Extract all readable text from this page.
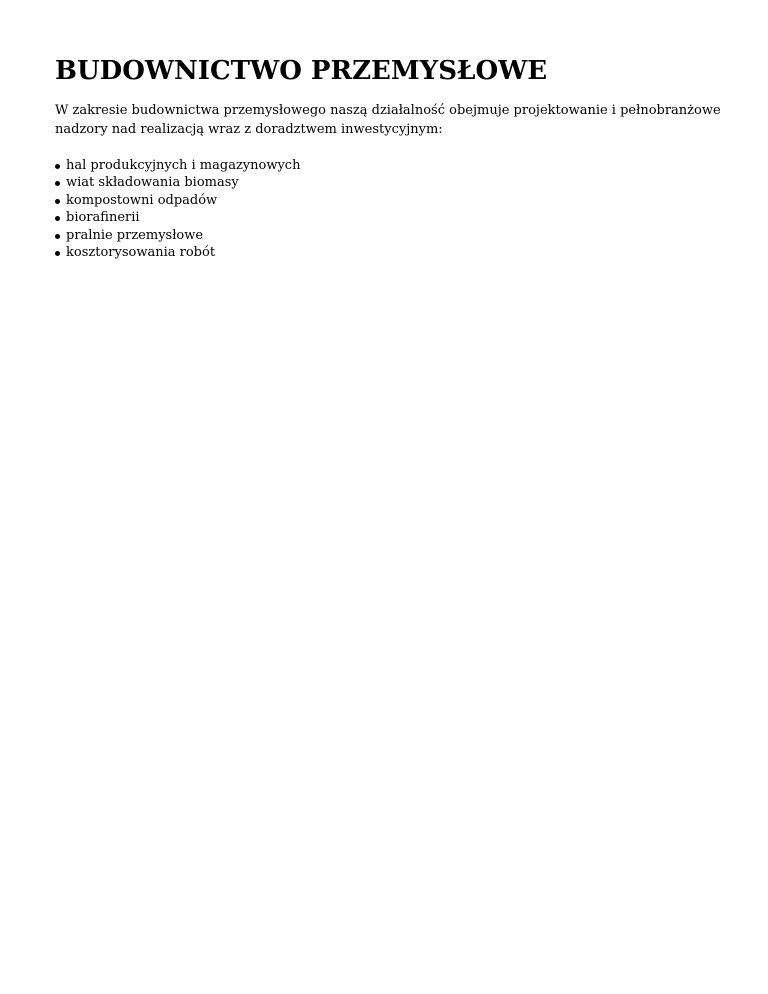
BUDOWNICTWO PRZEMYSŁOWE

W zakresie budownictwa przemysłowego naszą działalność obejmuje projektowanie i pełnobranżowe nadzory nad realizacją wraz z doradztwem inwestycyjnym:

hal produkcyjnych i magazynowych
wiat składowania biomasy
kompostowni odpadów
biorafinerii
pralnie przemysłowe
kosztorysowania robót
